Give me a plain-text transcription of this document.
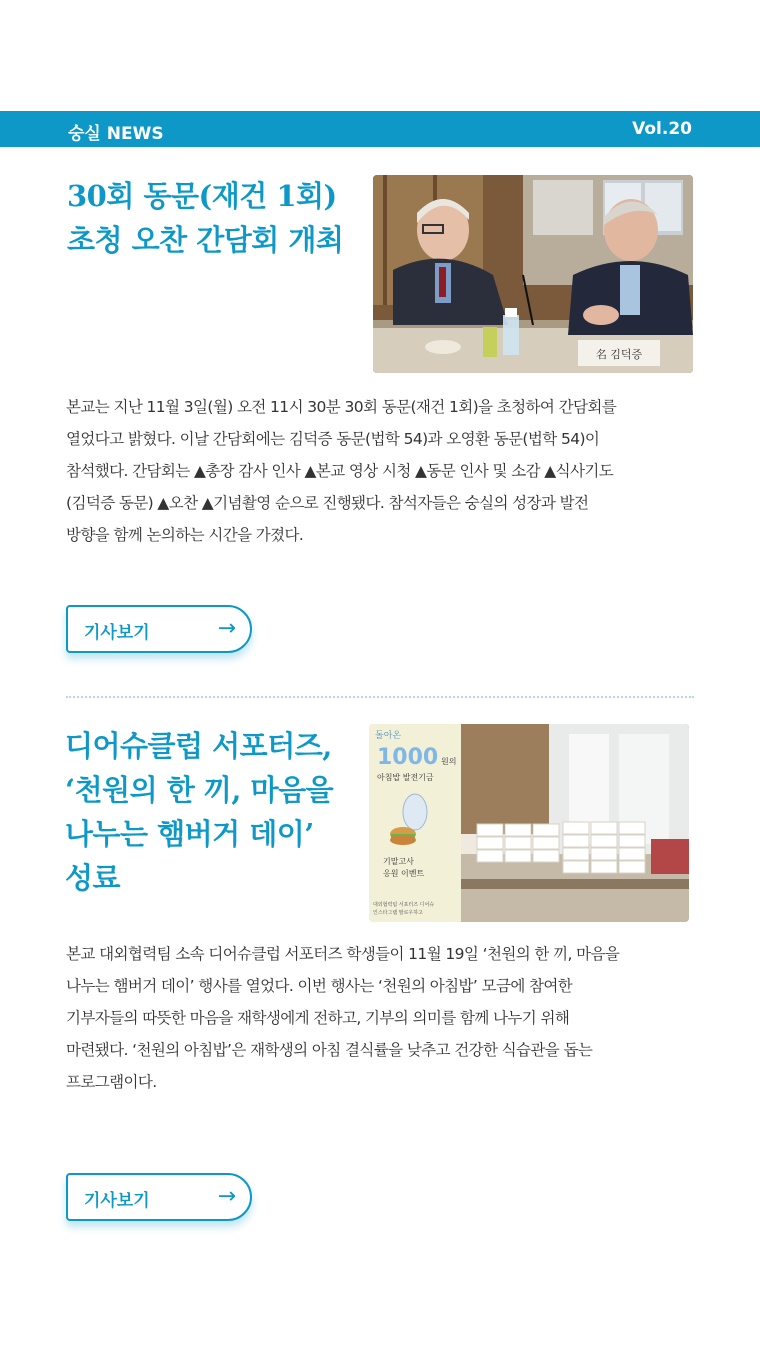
숭실 NEWS	Vol.20
30회 동문(재건 1회)
초청 오찬 간담회 개최
名 김덕증
본교는 지난 11월 3일(월) 오전 11시 30분 30회 동문(재건 1회)을 초청하여 간담회를
열었다고 밝혔다. 이날 간담회에는 김덕증 동문(법학 54)과 오영환 동문(법학 54)이
참석했다. 간담회는 ▲총장 감사 인사 ▲본교 영상 시청 ▲동문 인사 및 소감 ▲식사기도
(김덕증 동문) ▲오찬 ▲기념촬영 순으로 진행됐다. 참석자들은 숭실의 성장과 발전
방향을 함께 논의하는 시간을 가졌다.
기사보기	→
디어슈클럽 서포터즈,
‘천원의 한 끼, 마음을
나누는 햄버거 데이’
성료
돌아온
1000 원의
아침밥 발전기금
기말고사
응원 이벤트
대외협력팀 서포터즈 디어슈
인스타그램 팔로우하고
본교 대외협력팀 소속 디어슈클럽 서포터즈 학생들이 11월 19일 ‘천원의 한 끼, 마음을
나누는 햄버거 데이’ 행사를 열었다. 이번 행사는 ‘천원의 아침밥’ 모금에 참여한
기부자들의 따뜻한 마음을 재학생에게 전하고, 기부의 의미를 함께 나누기 위해
마련됐다. ‘천원의 아침밥’은 재학생의 아침 결식률을 낮추고 건강한 식습관을 돕는
프로그램이다.
기사보기	→
